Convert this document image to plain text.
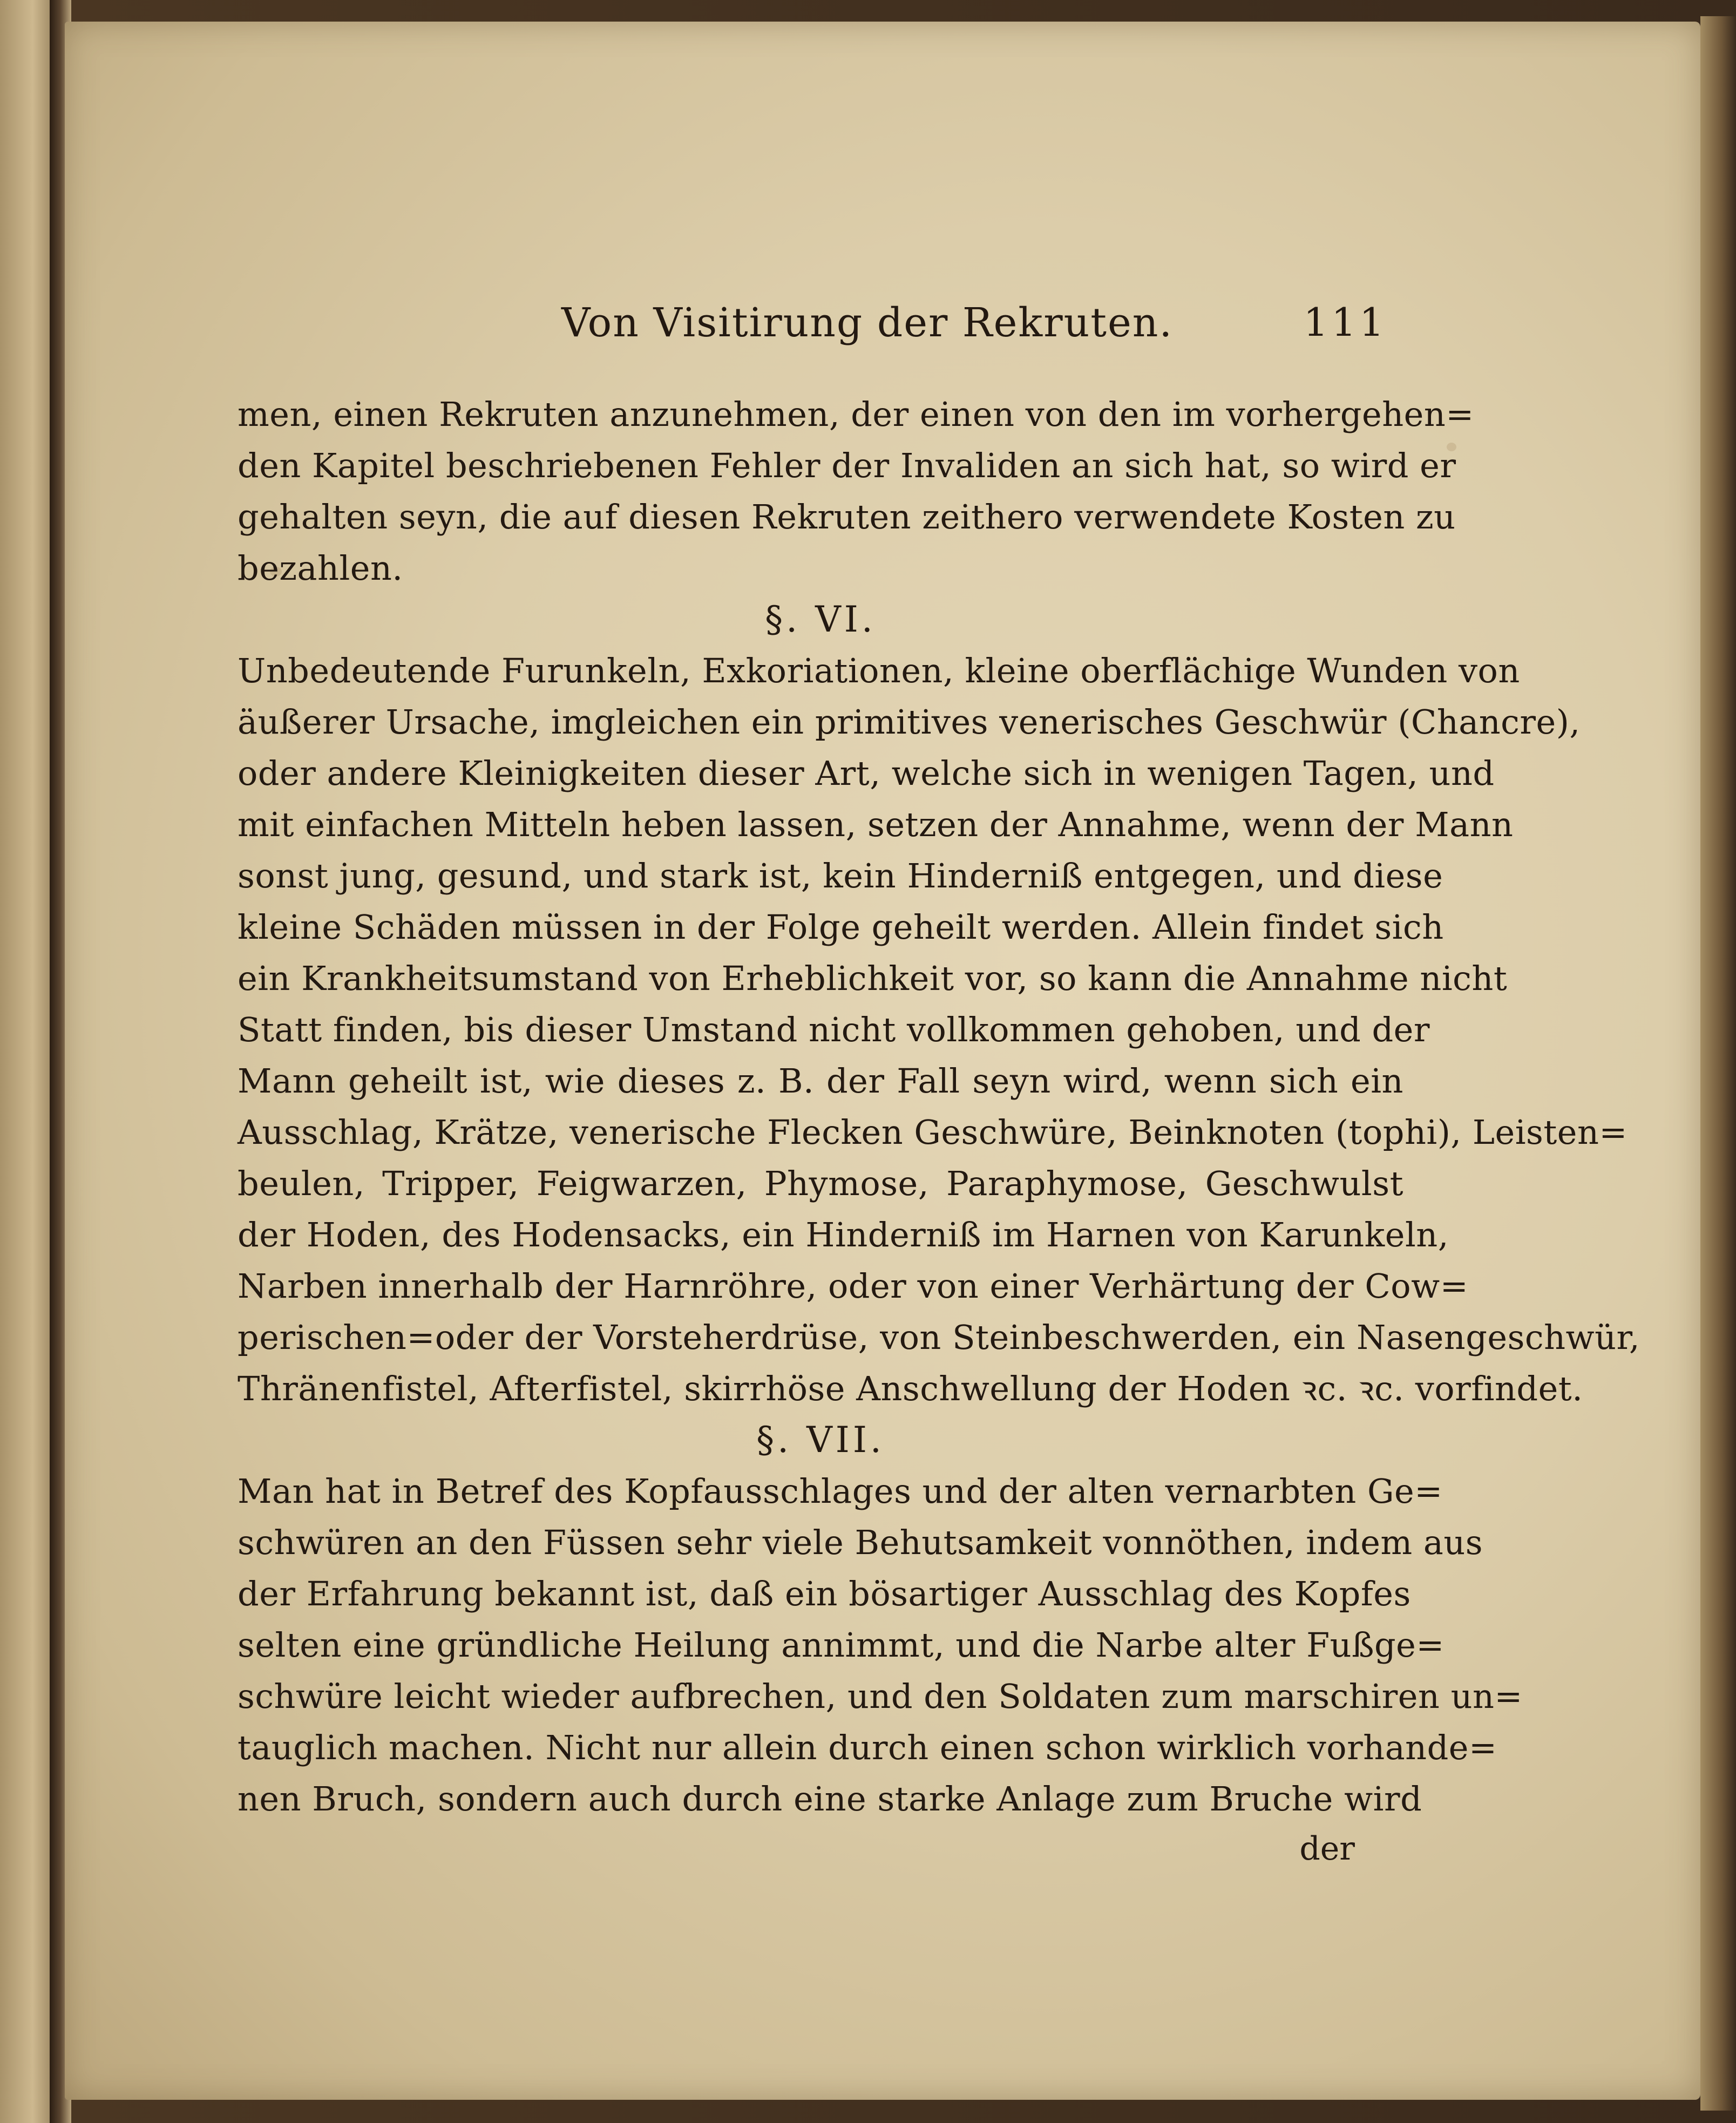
Von Visitirung der Rekruten.	111
men, einen Rekruten anzunehmen, der einen von den im vorhergehen=
den Kapitel beschriebenen Fehler der Invaliden an sich hat, so wird er
gehalten seyn, die auf diesen Rekruten zeithero verwendete Kosten zu
bezahlen.
§. VI.
Unbedeutende Furunkeln, Exkoriationen, kleine oberflächige Wunden von
äußerer Ursache, imgleichen ein primitives venerisches Geschwür (Chancre),
oder andere Kleinigkeiten dieser Art, welche sich in wenigen Tagen, und
mit einfachen Mitteln heben lassen, setzen der Annahme, wenn der Mann
sonst jung, gesund, und stark ist, kein Hinderniß entgegen, und diese
kleine Schäden müssen in der Folge geheilt werden. Allein findet sich
ein Krankheitsumstand von Erheblichkeit vor, so kann die Annahme nicht
Statt finden, bis dieser Umstand nicht vollkommen gehoben, und der
Mann geheilt ist, wie dieses z. B. der Fall seyn wird, wenn sich ein
Ausschlag, Krätze, venerische Flecken Geschwüre, Beinknoten (tophi), Leisten=
beulen, Tripper, Feigwarzen, Phymose, Paraphymose, Geschwulst
der Hoden, des Hodensacks, ein Hinderniß im Harnen von Karunkeln,
Narben innerhalb der Harnröhre, oder von einer Verhärtung der Cow=
perischen=oder der Vorsteherdrüse, von Steinbeschwerden, ein Nasengeschwür,
Thränenfistel, Afterfistel, skirrhöse Anschwellung der Hoden ꝛc. ꝛc. vorfindet.
§. VII.
Man hat in Betref des Kopfausschlages und der alten vernarbten Ge=
schwüren an den Füssen sehr viele Behutsamkeit vonnöthen, indem aus
der Erfahrung bekannt ist, daß ein bösartiger Ausschlag des Kopfes
selten eine gründliche Heilung annimmt, und die Narbe alter Fußge=
schwüre leicht wieder aufbrechen, und den Soldaten zum marschiren un=
tauglich machen. Nicht nur allein durch einen schon wirklich vorhande=
nen Bruch, sondern auch durch eine starke Anlage zum Bruche wird
der
